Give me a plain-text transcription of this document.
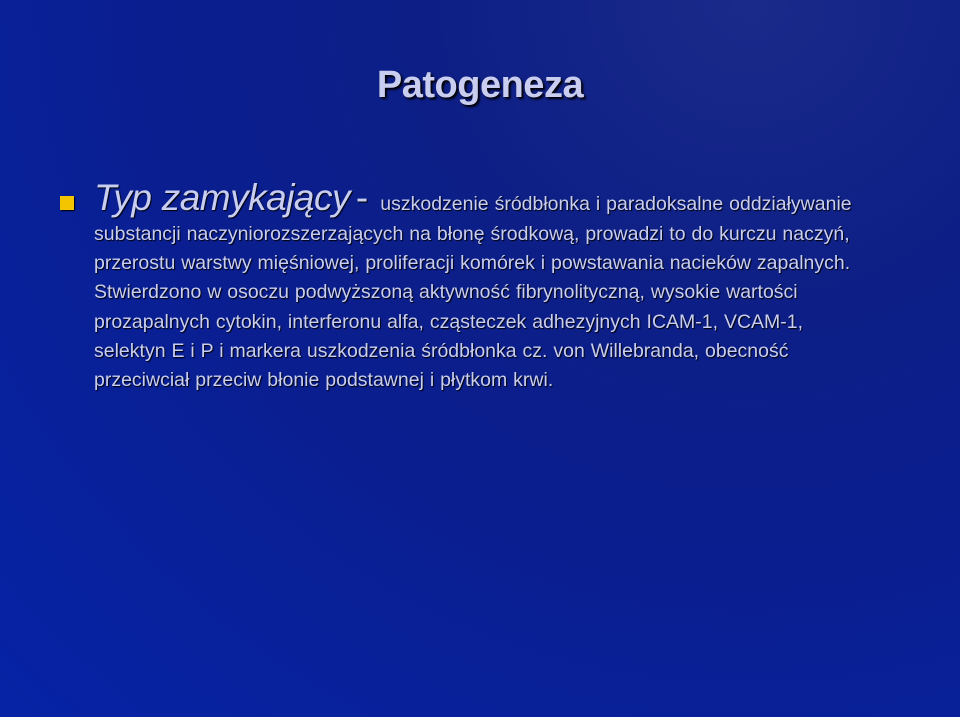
Patogeneza
Typ zamykający - uszkodzenie śródbłonka i paradoksalne oddziaływanie substancji naczyniorozszerzających na błonę środkową, prowadzi to do kurczu naczyń, przerostu warstwy mięśniowej, proliferacji komórek i powstawania nacieków zapalnych. Stwierdzono w osoczu podwyższoną aktywność fibrynolityczną, wysokie wartości prozapalnych cytokin, interferonu alfa, cząsteczek adhezyjnych ICAM-1, VCAM-1, selektyn E i P i markera uszkodzenia śródbłonka cz. von Willebranda, obecność przeciwciał przeciw błonie podstawnej i płytkom krwi.
